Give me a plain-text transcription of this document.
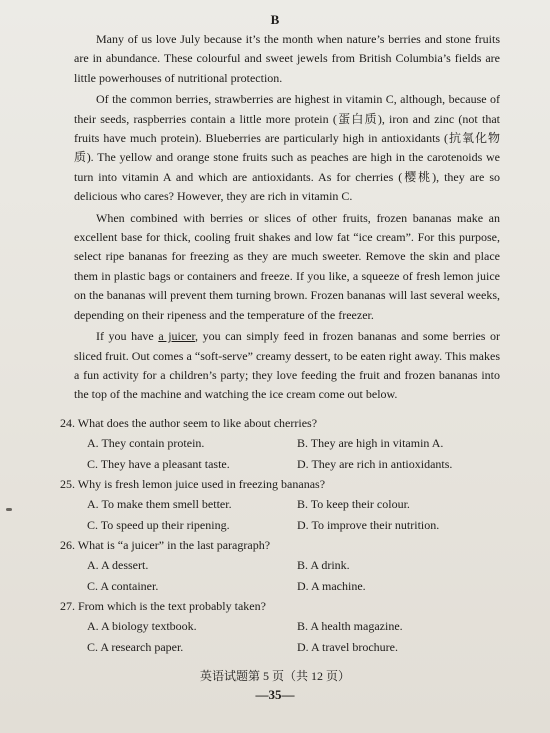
B

Many of us love July because it’s the month when nature’s berries and stone fruits are in abundance. These colourful and sweet jewels from British Columbia’s fields are little powerhouses of nutritional protection.

Of the common berries, strawberries are highest in vitamin C, although, because of their seeds, raspberries contain a little more protein (蛋白质), iron and zinc (not that fruits have much protein). Blueberries are particularly high in antioxidants (抗氧化物质). The yellow and orange stone fruits such as peaches are high in the carotenoids we turn into vitamin A and which are antioxidants. As for cherries (樱桃), they are so delicious who cares? However, they are rich in vitamin C.

When combined with berries or slices of other fruits, frozen bananas make an excellent base for thick, cooling fruit shakes and low fat “ice cream”. For this purpose, select ripe bananas for freezing as they are much sweeter. Remove the skin and place them in plastic bags or containers and freeze. If you like, a squeeze of fresh lemon juice on the bananas will prevent them turning brown. Frozen bananas will last several weeks, depending on their ripeness and the temperature of the freezer.

If you have a juicer, you can simply feed in frozen bananas and some berries or sliced fruit. Out comes a “soft-serve” creamy dessert, to be eaten right away. This makes a fun activity for a children’s party; they love feeding the fruit and frozen bananas into the top of the machine and watching the ice cream come out below.

24. What does the author seem to like about cherries?
A. They contain protein.	B. They are high in vitamin A.
C. They have a pleasant taste.	D. They are rich in antioxidants.
25. Why is fresh lemon juice used in freezing bananas?
A. To make them smell better.	B. To keep their colour.
C. To speed up their ripening.	D. To improve their nutrition.
26. What is “a juicer” in the last paragraph?
A. A dessert.	B. A drink.
C. A container.	D. A machine.
27. From which is the text probably taken?
A. A biology textbook.	B. A health magazine.
C. A research paper.	D. A travel brochure.
英语试题第 5 页（共 12 页）
—35—
